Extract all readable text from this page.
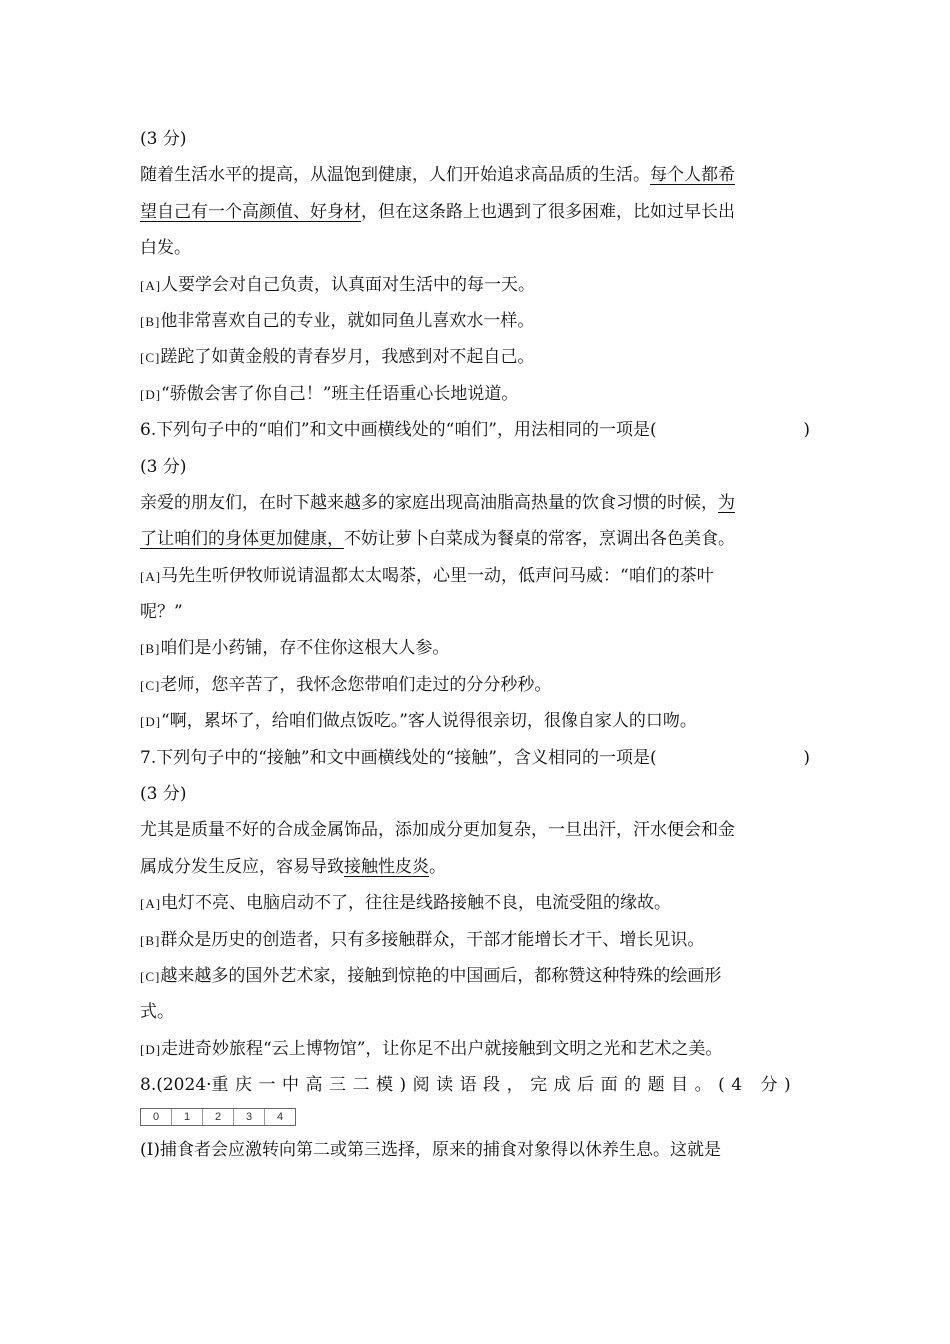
(3 分)
随着生活水平的提高，从温饱到健康，人们开始追求高品质的生活。每个人都希
望自己有一个高颜值、好身材，但在这条路上也遇到了很多困难，比如过早长出
白发。
[A]人要学会对自己负责，认真面对生活中的每一天。
[B]他非常喜欢自己的专业，就如同鱼儿喜欢水一样。
[C]蹉跎了如黄金般的青春岁月，我感到对不起自己。
[D]“骄傲会害了你自己！”班主任语重心长地说道。
6.下列句子中的“咱们”和文中画横线处的“咱们”，用法相同的一项是(	)
(3 分)
亲爱的朋友们，在时下越来越多的家庭出现高油脂高热量的饮食习惯的时候，为
了让咱们的身体更加健康，不妨让萝卜白菜成为餐桌的常客，烹调出各色美食。
[A]马先生听伊牧师说请温都太太喝茶，心里一动，低声问马威：“咱们的茶叶
呢？”
[B]咱们是小药铺，存不住你这根大人参。
[C]老师，您辛苦了，我怀念您带咱们走过的分分秒秒。
[D]“啊，累坏了，给咱们做点饭吃。”客人说得很亲切，很像自家人的口吻。
7.下列句子中的“接触”和文中画横线处的“接触”，含义相同的一项是(	)
(3 分)
尤其是质量不好的合成金属饰品，添加成分更加复杂，一旦出汗，汗水便会和金
属成分发生反应，容易导致接触性皮炎。
[A]电灯不亮、电脑启动不了，往往是线路接触不良，电流受阻的缘故。
[B]群众是历史的创造者，只有多接触群众，干部才能增长才干、增长见识。
[C]越来越多的国外艺术家，接触到惊艳的中国画后，都称赞这种特殊的绘画形
式。
[D]走进奇妙旅程“云上博物馆”，让你足不出户就接触到文明之光和艺术之美。
8.(2024·重庆一中高三二模)阅读语段，完成后面的题目。(4 分)
0	1	2	3	4
(Ⅰ)捕食者会应激转向第二或第三选择，原来的捕食对象得以休养生息。这就是
